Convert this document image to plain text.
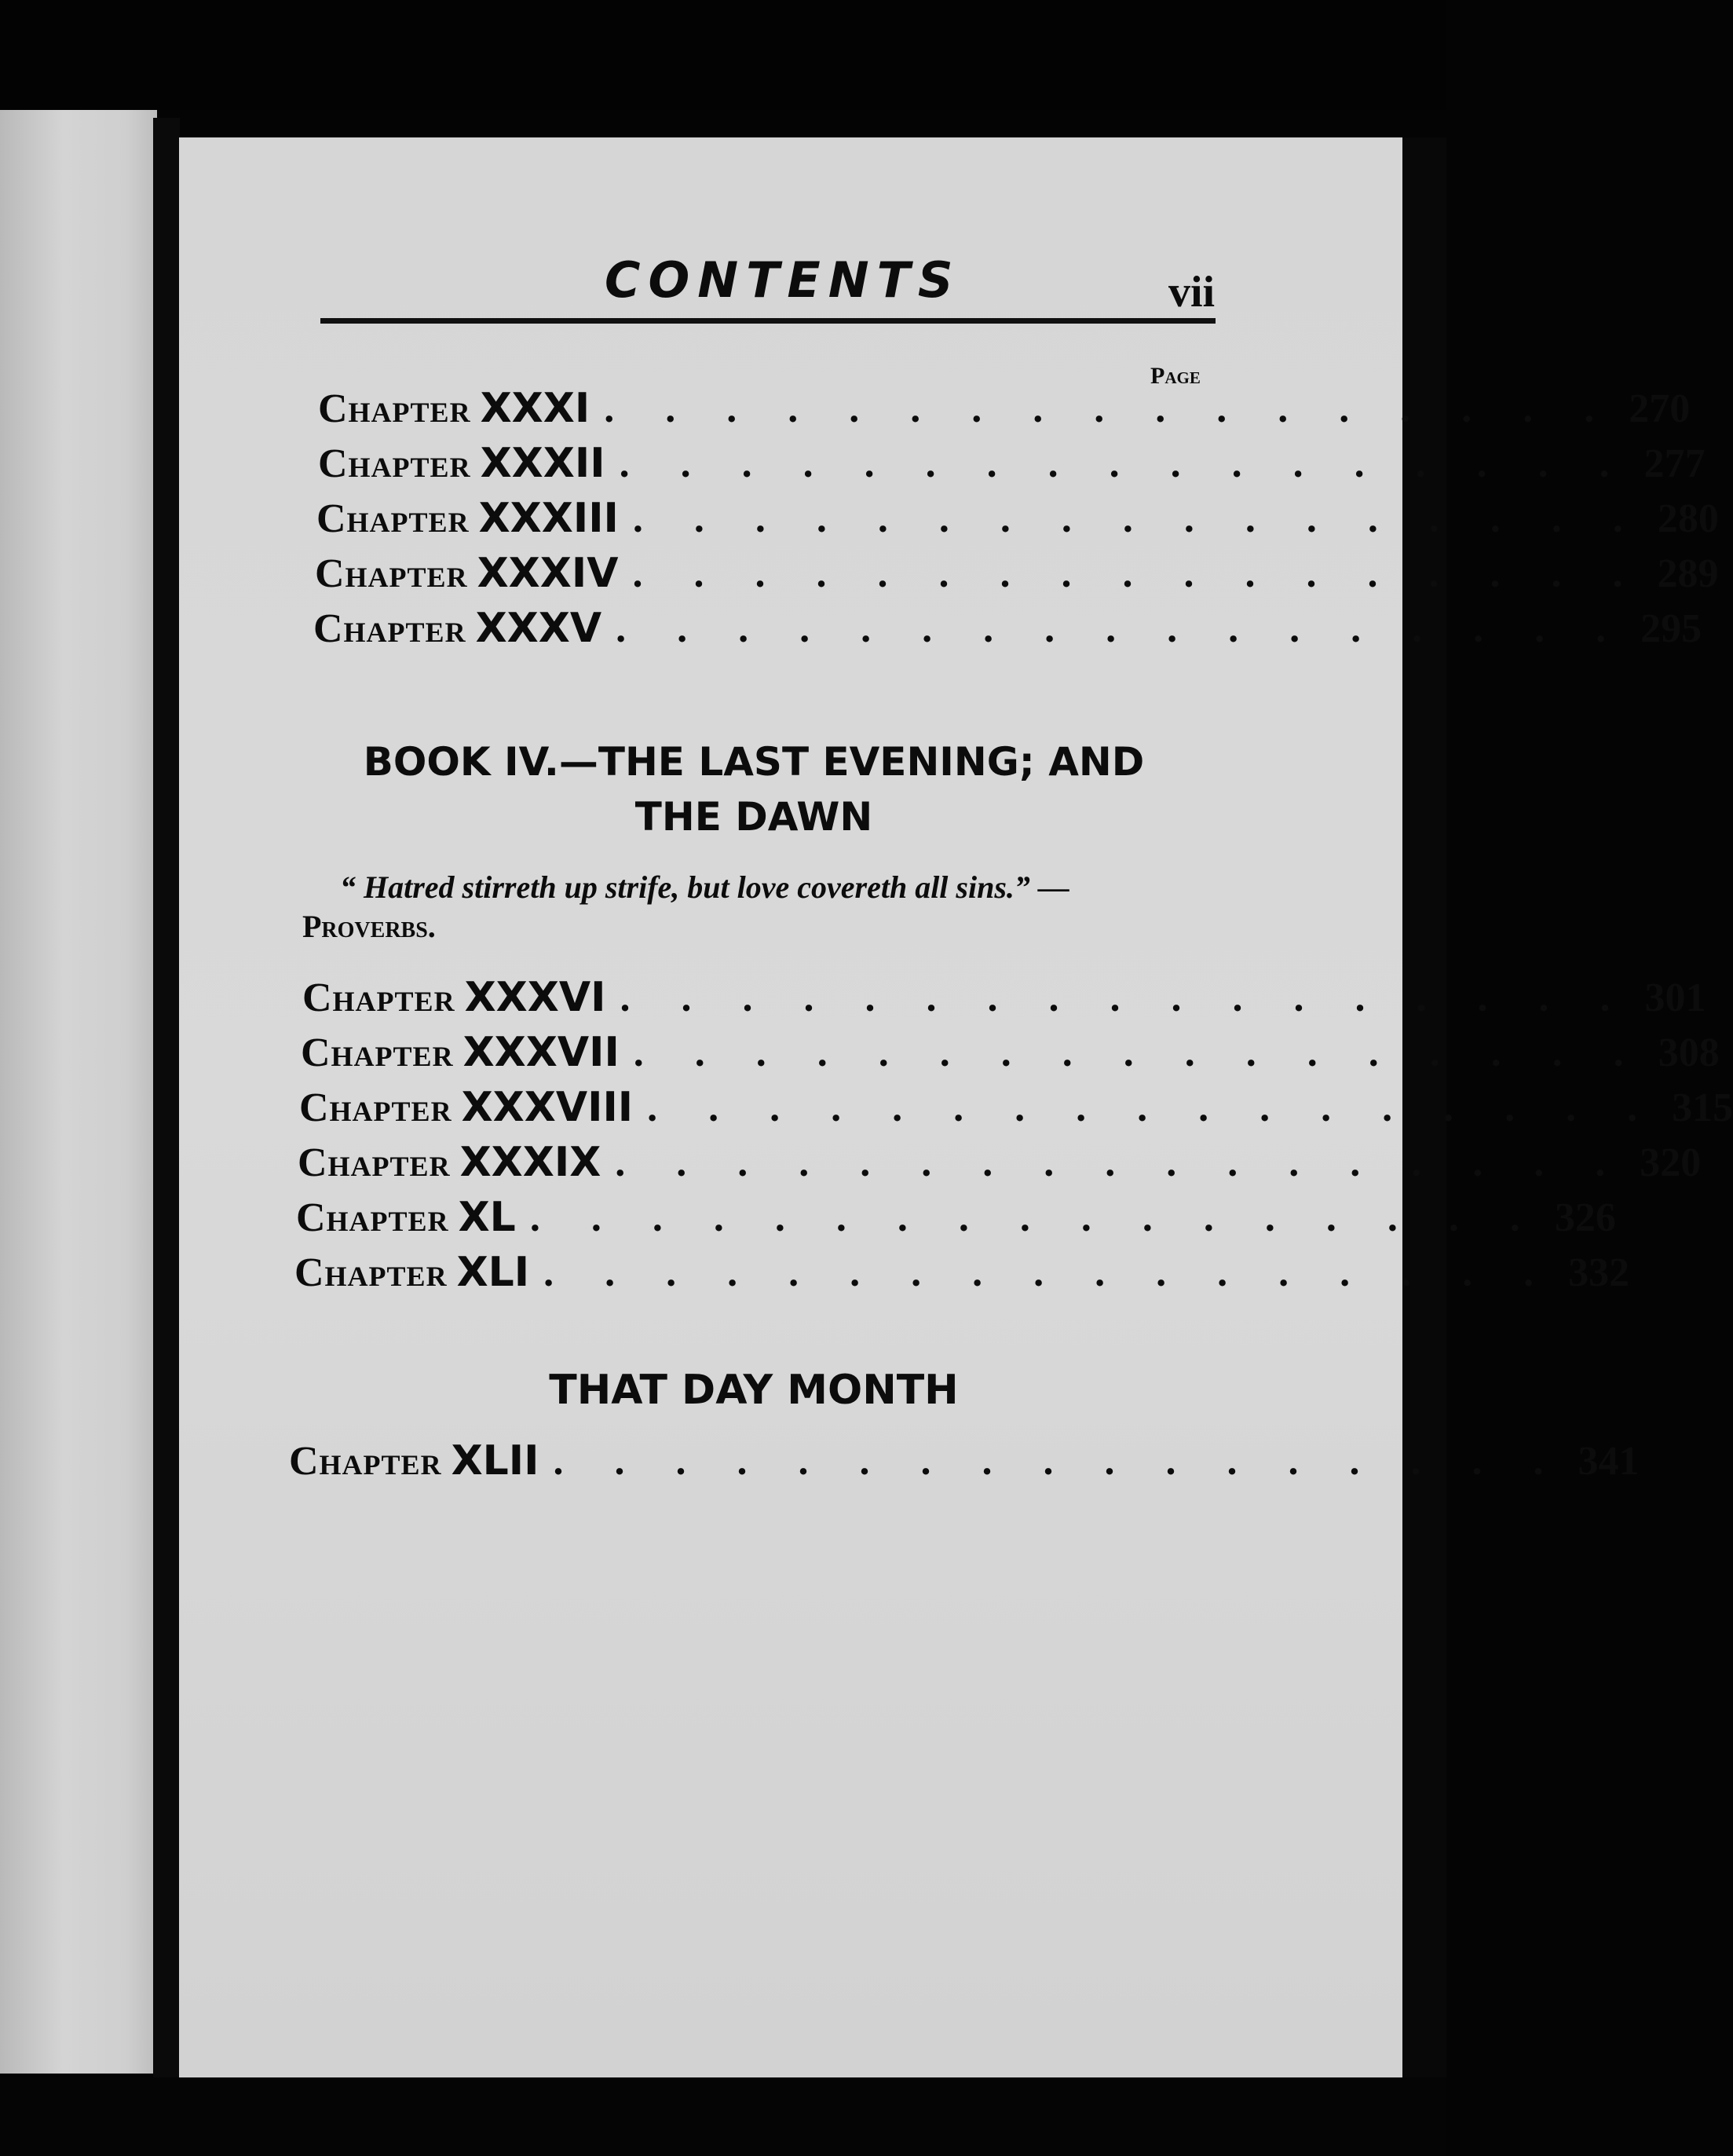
CONTENTS	vii
Page
Chapter XXXI . . . . . . . . . . . . . . . . . 270
Chapter XXXII . . . . . . . . . . . . . . . . . 277
Chapter XXXIII . . . . . . . . . . . . . . . . . 280
Chapter XXXIV . . . . . . . . . . . . . . . . . 289
Chapter XXXV . . . . . . . . . . . . . . . . . 295
BOOK IV.—THE LAST EVENING; AND
THE DAWN
“ Hatred stirreth up strife, but love covereth all sins.” —
Proverbs.
Chapter XXXVI . . . . . . . . . . . . . . . . . 301
Chapter XXXVII . . . . . . . . . . . . . . . . . 308
Chapter XXXVIII . . . . . . . . . . . . . . . . . 315
Chapter XXXIX . . . . . . . . . . . . . . . . . 320
Chapter XL . . . . . . . . . . . . . . . . . 326
Chapter XLI . . . . . . . . . . . . . . . . . 332
THAT DAY MONTH
Chapter XLII . . . . . . . . . . . . . . . . . 341
